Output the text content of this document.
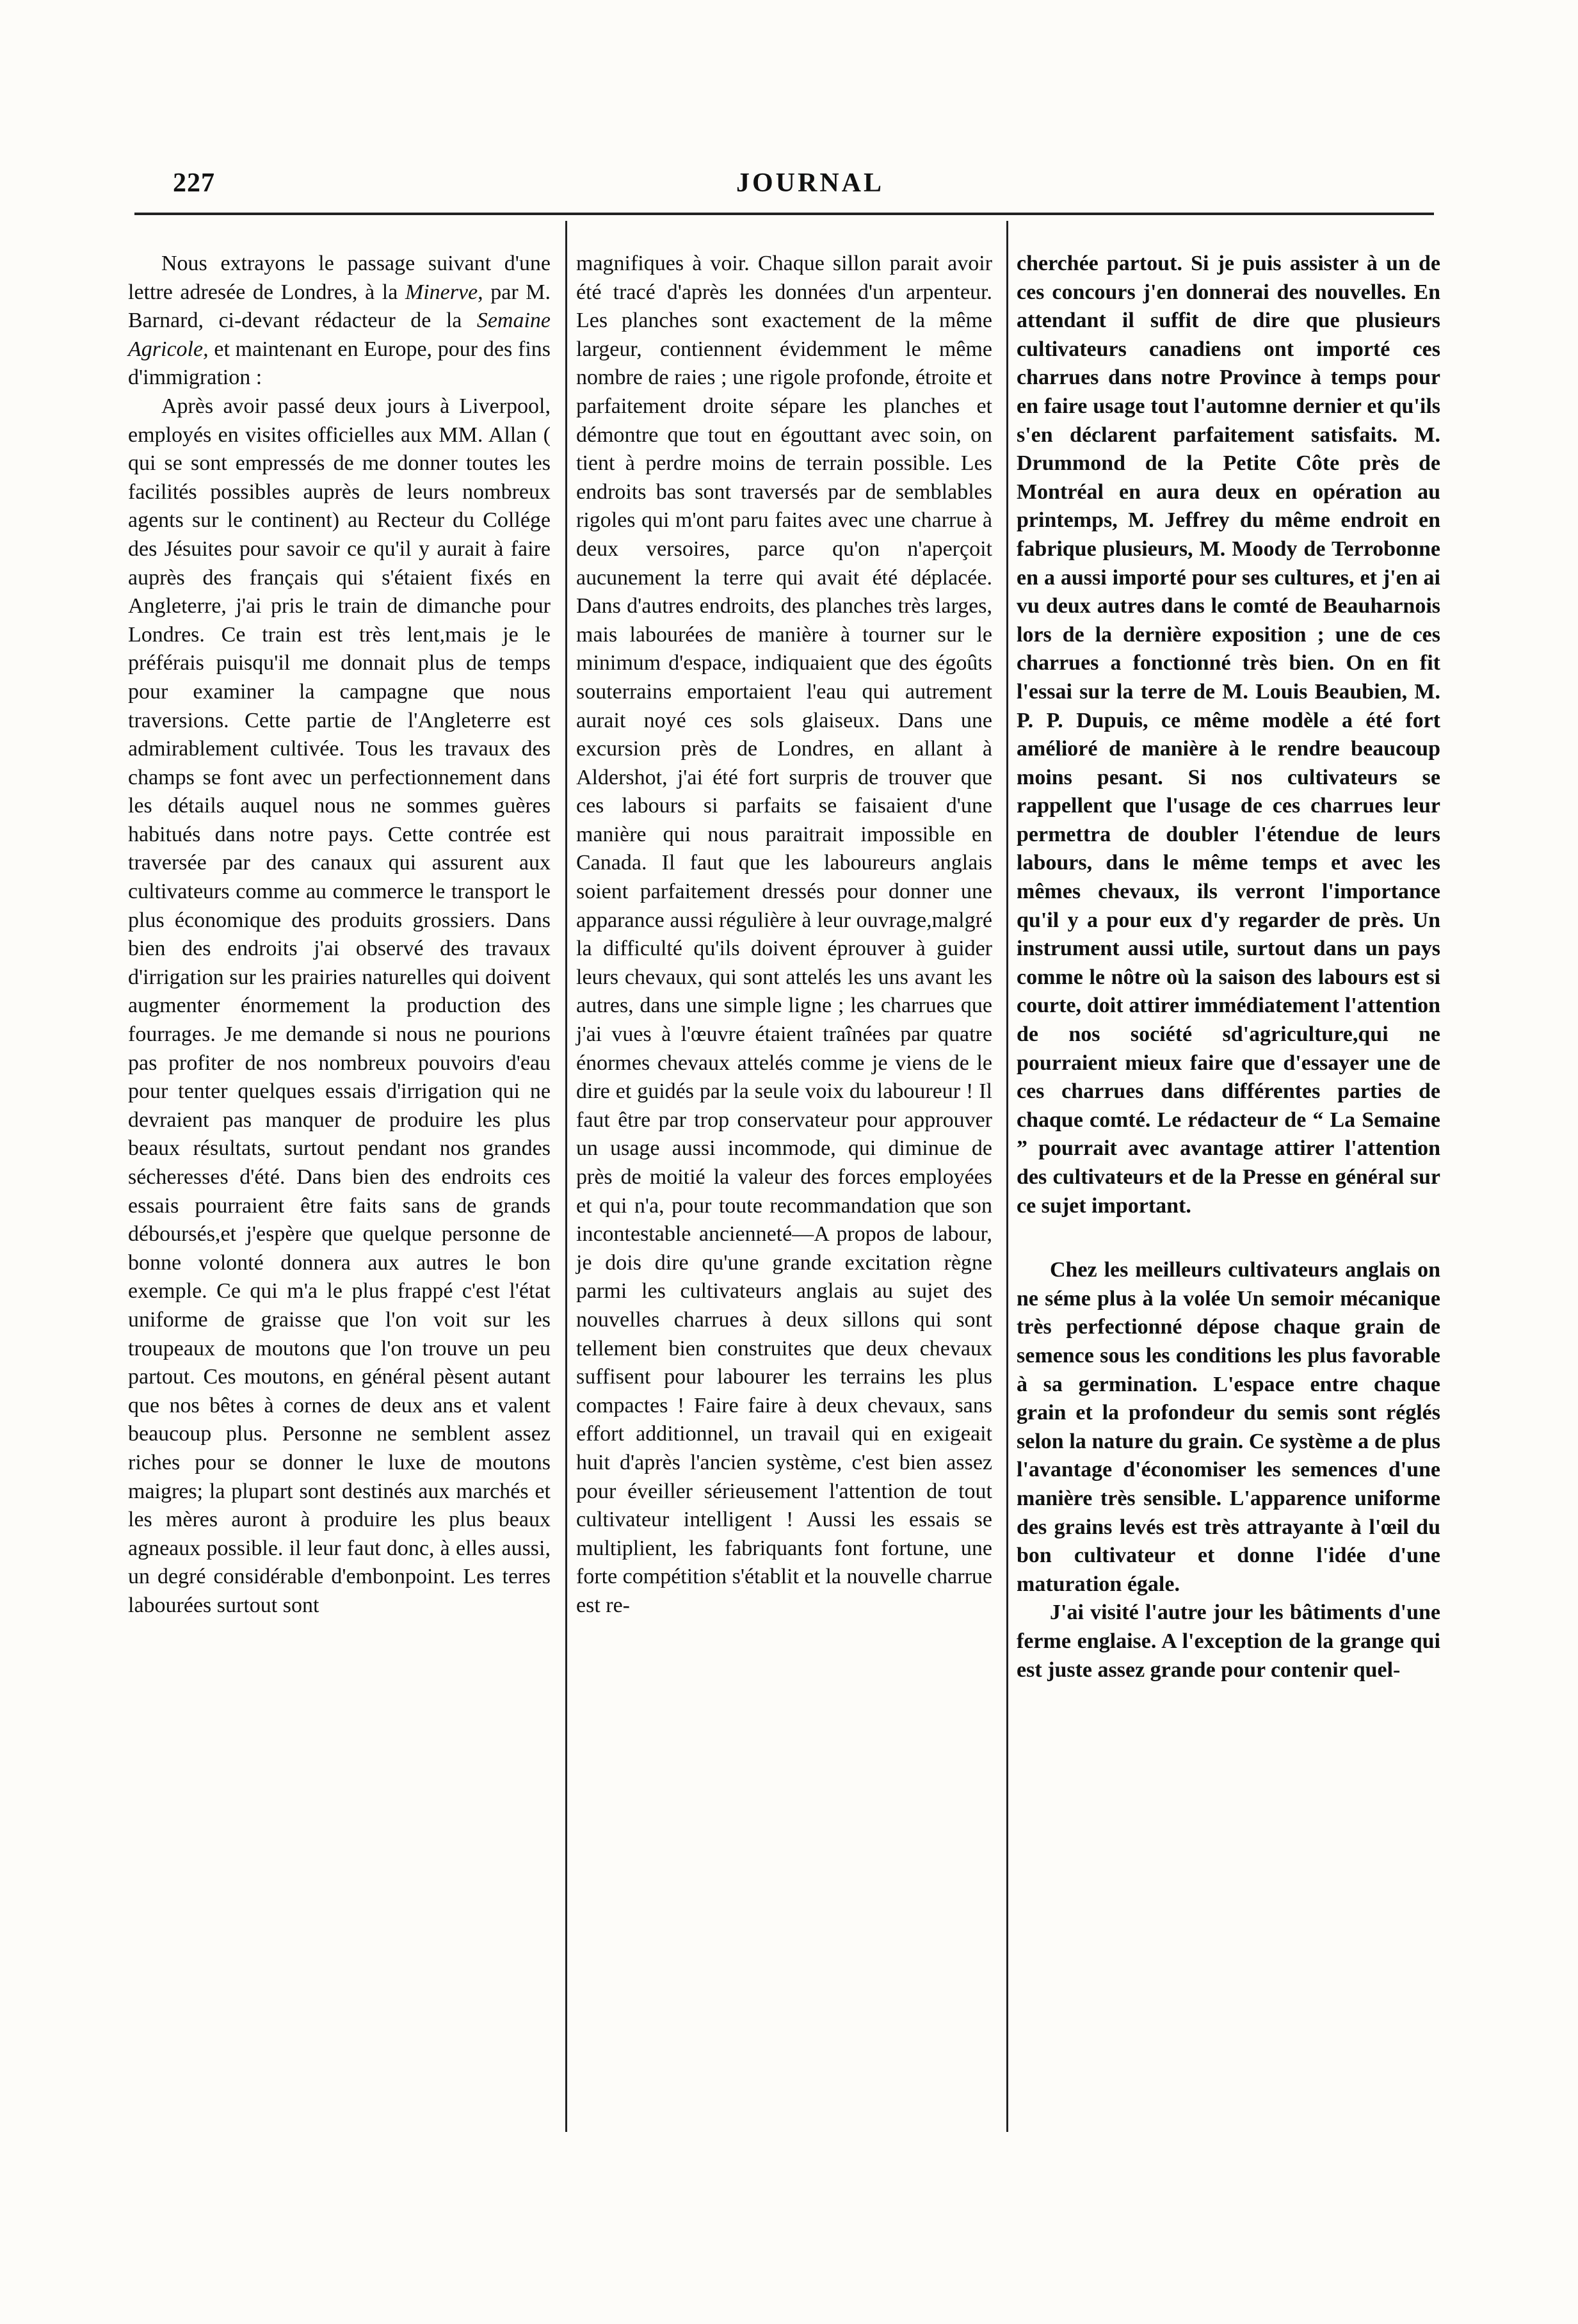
227	JOURNAL

Nous extrayons le passage suivant d'une lettre adresée de Londres, à la Minerve, par M. Barnard, ci-devant rédacteur de la Semaine Agricole, et maintenant en Europe, pour des fins d'immigration :

Après avoir passé deux jours à Liverpool, employés en visites officielles aux MM. Allan ( qui se sont empressés de me donner toutes les facilités possibles auprès de leurs nombreux agents sur le continent) au Recteur du Collége des Jésuites pour savoir ce qu'il y aurait à faire auprès des français qui s'étaient fixés en Angleterre, j'ai pris le train de dimanche pour Londres. Ce train est très lent,mais je le préférais puisqu'il me donnait plus de temps pour examiner la campagne que nous traversions. Cette partie de l'Angleterre est admirablement cultivée. Tous les travaux des champs se font avec un perfectionnement dans les détails auquel nous ne sommes guères habitués dans notre pays. Cette contrée est traversée par des canaux qui assurent aux cultivateurs comme au commerce le transport le plus économique des produits grossiers. Dans bien des endroits j'ai observé des travaux d'irrigation sur les prairies naturelles qui doivent augmenter énormement la production des fourrages. Je me demande si nous ne pourions pas profiter de nos nombreux pouvoirs d'eau pour tenter quelques essais d'irrigation qui ne devraient pas manquer de produire les plus beaux résultats, surtout pendant nos grandes sécheresses d'été. Dans bien des endroits ces essais pourraient être faits sans de grands déboursés,et j'espère que quelque personne de bonne volonté donnera aux autres le bon exemple. Ce qui m'a le plus frappé c'est l'état uniforme de graisse que l'on voit sur les troupeaux de moutons que l'on trouve un peu partout. Ces moutons, en général pèsent autant que nos bêtes à cornes de deux ans et valent beaucoup plus. Personne ne semblent assez riches pour se donner le luxe de moutons maigres; la plupart sont destinés aux marchés et les mères auront à produire les plus beaux agneaux possible. il leur faut donc, à elles aussi, un degré considérable d'embonpoint. Les terres labourées surtout sont

magnifiques à voir. Chaque sillon parait avoir été tracé d'après les données d'un arpenteur. Les planches sont exactement de la même largeur, contiennent évidemment le même nombre de raies ; une rigole profonde, étroite et parfaitement droite sépare les planches et démontre que tout en égouttant avec soin, on tient à perdre moins de terrain possible. Les endroits bas sont traversés par de semblables rigoles qui m'ont paru faites avec une charrue à deux versoires, parce qu'on n'aperçoit aucunement la terre qui avait été déplacée. Dans d'autres endroits, des planches très larges, mais labourées de manière à tourner sur le minimum d'espace, indiquaient que des égoûts souterrains emportaient l'eau qui autrement aurait noyé ces sols glaiseux. Dans une excursion près de Londres, en allant à Aldershot, j'ai été fort surpris de trouver que ces labours si parfaits se faisaient d'une manière qui nous paraitrait impossible en Canada. Il faut que les laboureurs anglais soient parfaitement dressés pour donner une apparance aussi régulière à leur ouvrage,malgré la difficulté qu'ils doivent éprouver à guider leurs chevaux, qui sont attelés les uns avant les autres, dans une simple ligne ; les charrues que j'ai vues à l'œuvre étaient traînées par quatre énormes chevaux attelés comme je viens de le dire et guidés par la seule voix du laboureur ! Il faut être par trop conservateur pour approuver un usage aussi incommode, qui diminue de près de moitié la valeur des forces employées et qui n'a, pour toute recommandation que son incontestable ancienneté—A propos de labour, je dois dire qu'une grande excitation règne parmi les cultivateurs anglais au sujet des nouvelles charrues à deux sillons qui sont tellement bien construites que deux chevaux suffisent pour labourer les terrains les plus compactes ! Faire faire à deux chevaux, sans effort additionnel, un travail qui en exigeait huit d'après l'ancien système, c'est bien assez pour éveiller sérieusement l'attention de tout cultivateur intelligent ! Aussi les essais se multiplient, les fabriquants font fortune, une forte compétition s'établit et la nouvelle charrue est re-

cherchée partout. Si je puis assister à un de ces concours j'en donnerai des nouvelles. En attendant il suffit de dire que plusieurs cultivateurs canadiens ont importé ces charrues dans notre Province à temps pour en faire usage tout l'automne dernier et qu'ils s'en déclarent parfaitement satisfaits. M. Drummond de la Petite Côte près de Montréal en aura deux en opération au printemps, M. Jeffrey du même endroit en fabrique plusieurs, M. Moody de Terrobonne en a aussi importé pour ses cultures, et j'en ai vu deux autres dans le comté de Beauharnois lors de la dernière exposition ; une de ces charrues a fonctionné très bien. On en fit l'essai sur la terre de M. Louis Beaubien, M. P. P. Dupuis, ce même modèle a été fort amélioré de manière à le rendre beaucoup moins pesant. Si nos cultivateurs se rappellent que l'usage de ces charrues leur permettra de doubler l'étendue de leurs labours, dans le même temps et avec les mêmes chevaux, ils verront l'importance qu'il y a pour eux d'y regarder de près. Un instrument aussi utile, surtout dans un pays comme le nôtre où la saison des labours est si courte, doit attirer immédiatement l'attention de nos société sd'agriculture,qui ne pourraient mieux faire que d'essayer une de ces charrues dans différentes parties de chaque comté. Le rédacteur de “ La Semaine ” pourrait avec avantage attirer l'attention des cultivateurs et de la Presse en général sur ce sujet important.

Chez les meilleurs cultivateurs anglais on ne séme plus à la volée Un semoir mécanique très perfectionné dépose chaque grain de semence sous les conditions les plus favorable à sa germination. L'espace entre chaque grain et la profondeur du semis sont réglés selon la nature du grain. Ce système a de plus l'avantage d'économiser les semences d'une manière très sensible. L'apparence uniforme des grains levés est très attrayante à l'œil du bon cultivateur et donne l'idée d'une maturation égale.

J'ai visité l'autre jour les bâtiments d'une ferme englaise. A l'exception de la grange qui est juste assez grande pour contenir quel-
